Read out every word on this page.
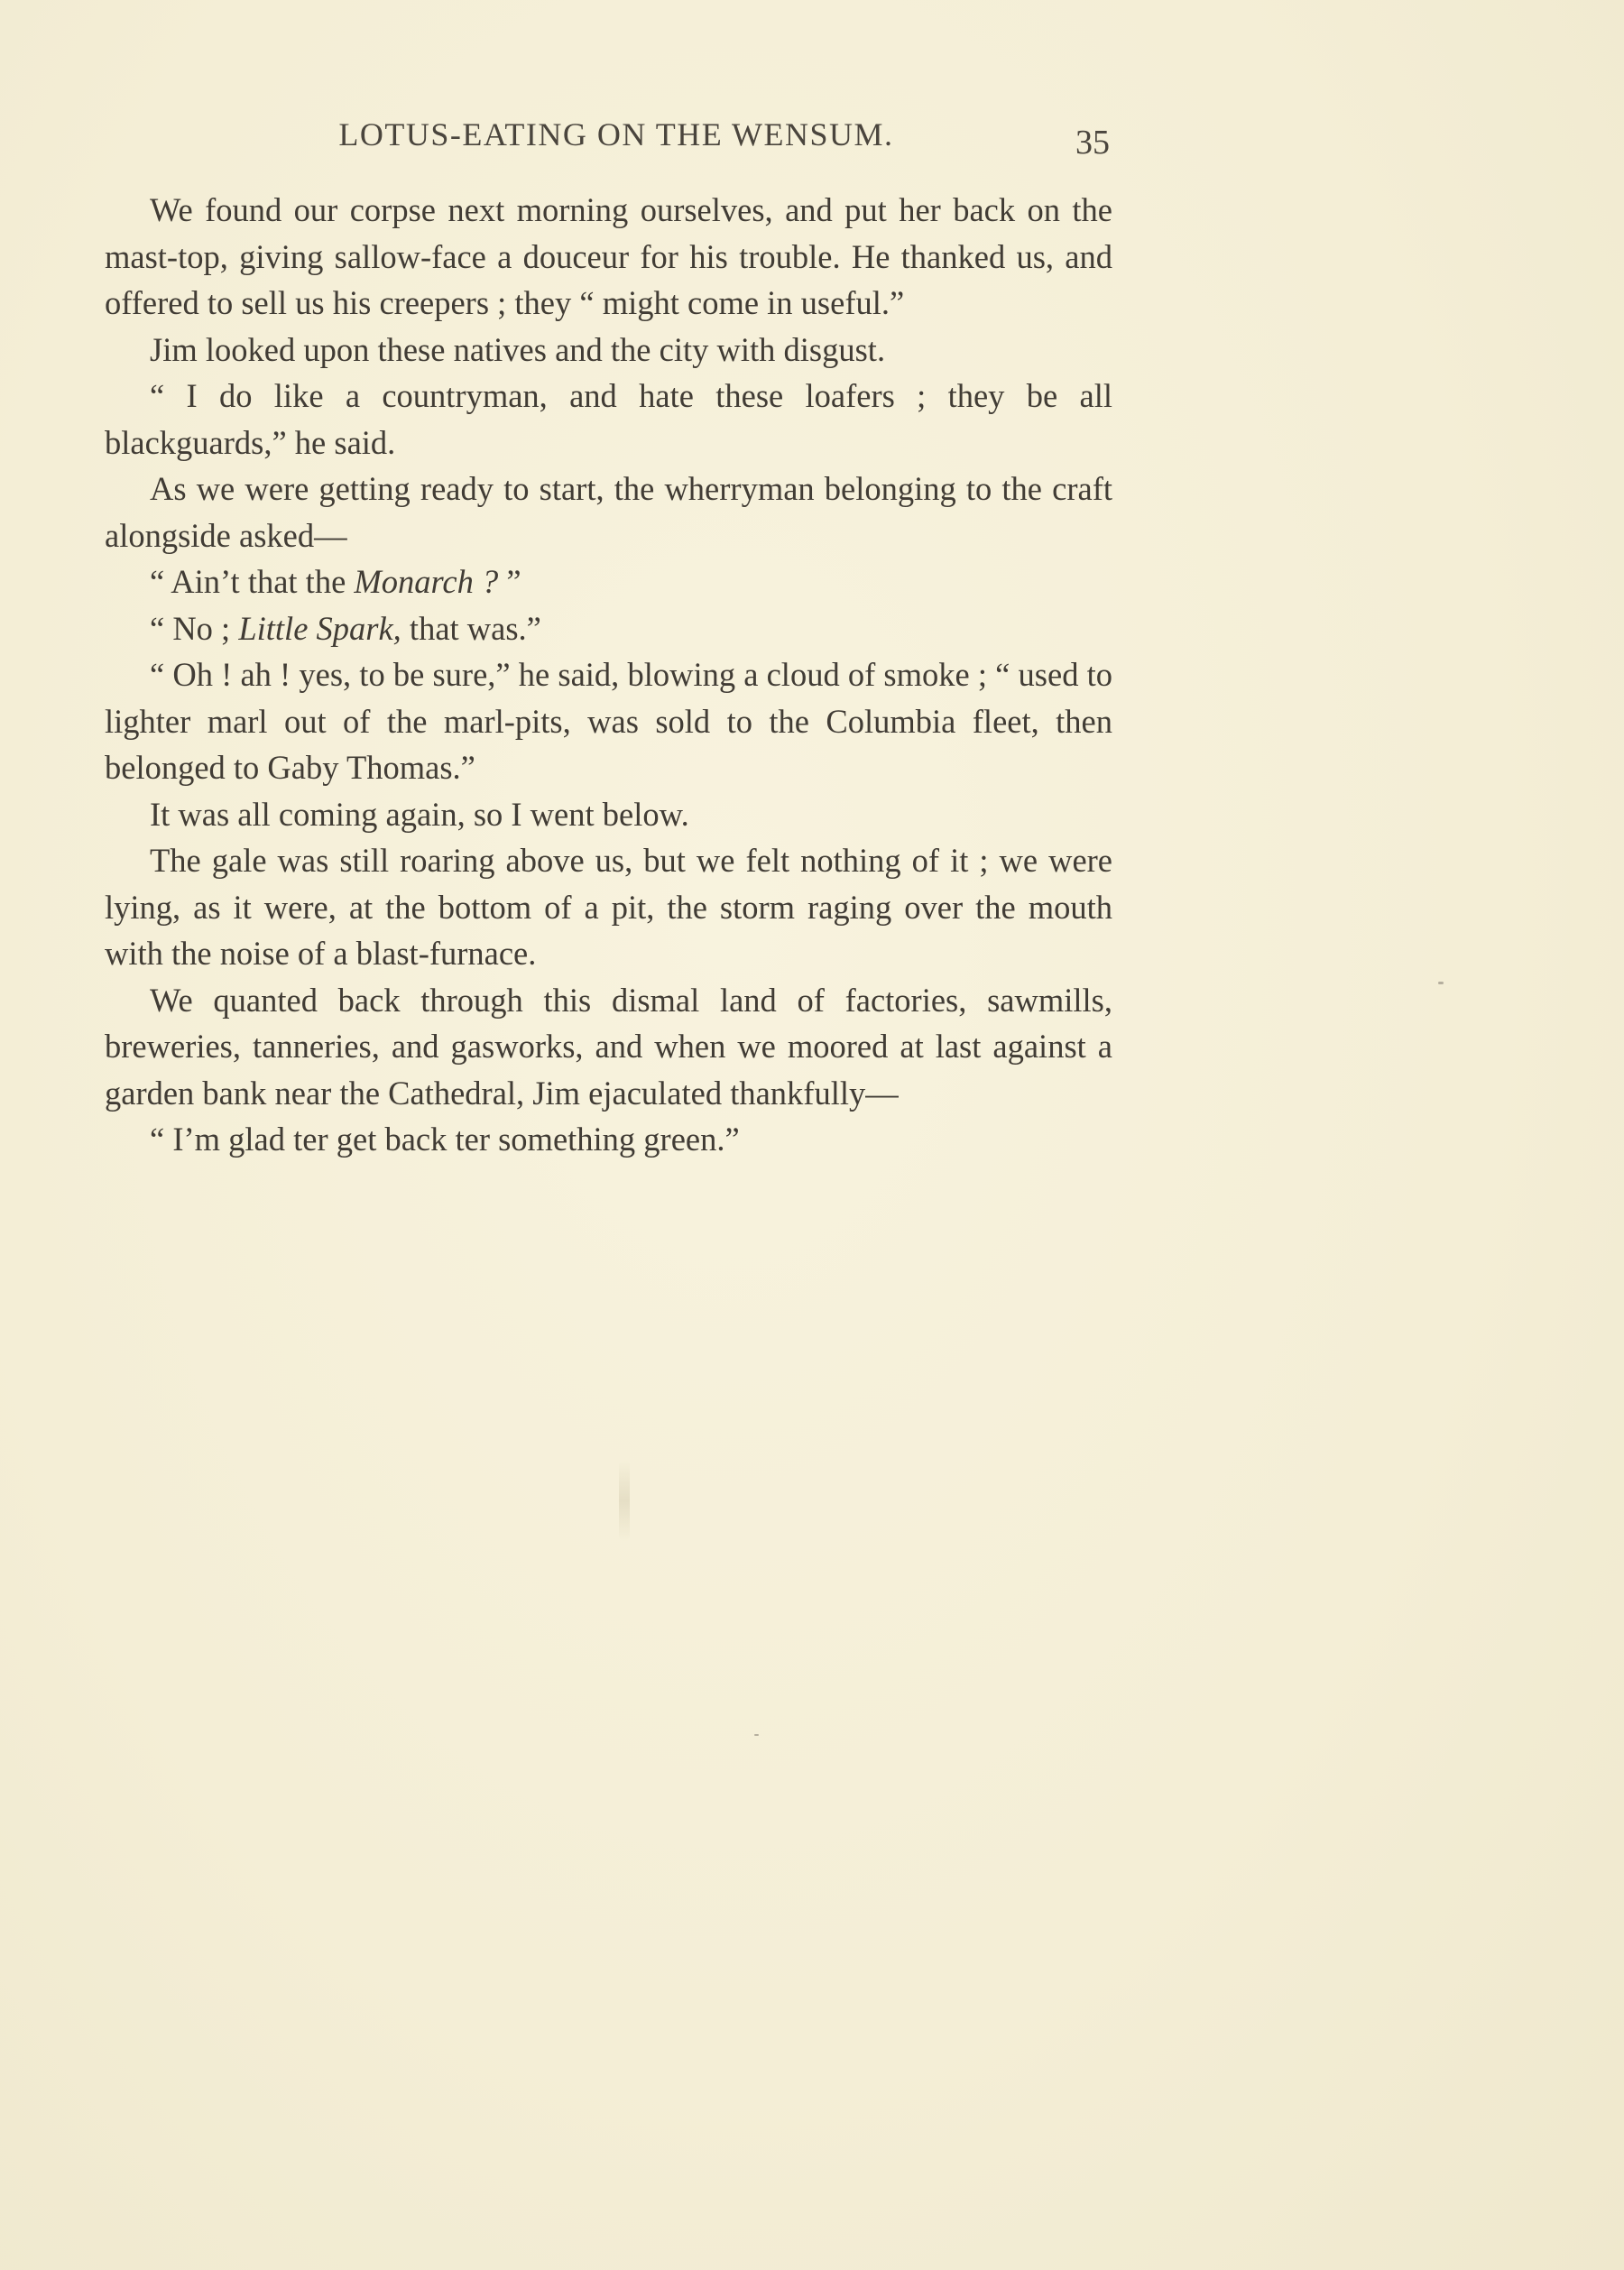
LOTUS-EATING ON THE WENSUM.	35

We found our corpse next morning ourselves, and put her back on the mast-top, giving sallow-face a douceur for his trouble. He thanked us, and offered to sell us his creepers ; they “ might come in useful.”

Jim looked upon these natives and the city with disgust.

“ I do like a countryman, and hate these loafers ; they be all blackguards,” he said.

As we were getting ready to start, the wherryman belonging to the craft alongside asked—

“ Ain’t that the Monarch ? ”

“ No ; Little Spark, that was.”

“ Oh ! ah ! yes, to be sure,” he said, blowing a cloud of smoke ; “ used to lighter marl out of the marl-pits, was sold to the Columbia fleet, then belonged to Gaby Thomas.”

It was all coming again, so I went below.

The gale was still roaring above us, but we felt nothing of it ; we were lying, as it were, at the bottom of a pit, the storm raging over the mouth with the noise of a blast-furnace.

We quanted back through this dismal land of factories, sawmills, breweries, tanneries, and gasworks, and when we moored at last against a garden bank near the Cathedral, Jim ejaculated thankfully—

“ I’m glad ter get back ter something green.”
